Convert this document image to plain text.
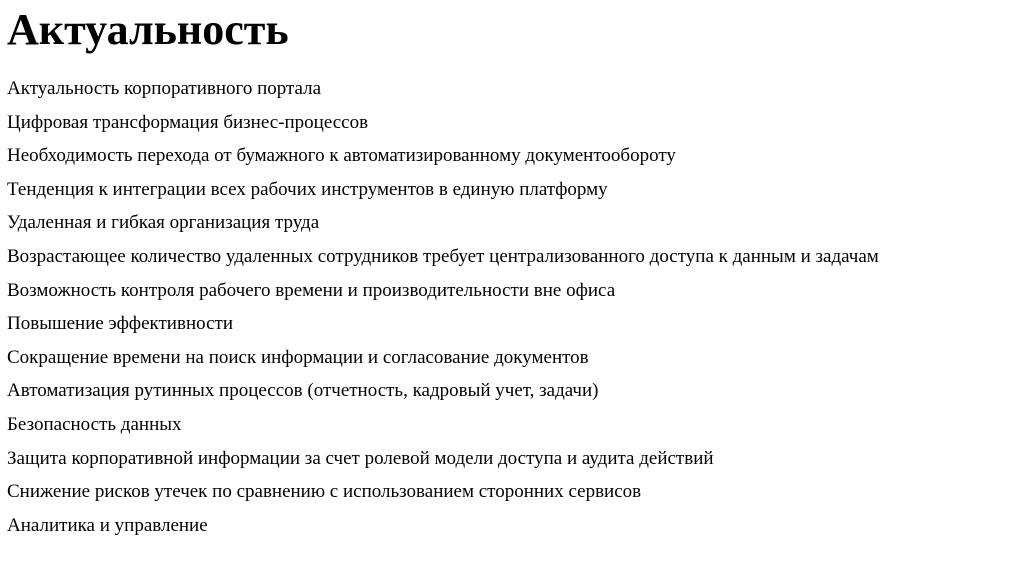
Актуальность
Актуальность корпоративного портала
Цифровая трансформация бизнес-процессов
Необходимость перехода от бумажного к автоматизированному документообороту
Тенденция к интеграции всех рабочих инструментов в единую платформу
Удаленная и гибкая организация труда
Возрастающее количество удаленных сотрудников требует централизованного доступа к данным и задачам
Возможность контроля рабочего времени и производительности вне офиса
Повышение эффективности
Сокращение времени на поиск информации и согласование документов
Автоматизация рутинных процессов (отчетность, кадровый учет, задачи)
Безопасность данных
Защита корпоративной информации за счет ролевой модели доступа и аудита действий
Снижение рисков утечек по сравнению с использованием сторонних сервисов
Аналитика и управление
